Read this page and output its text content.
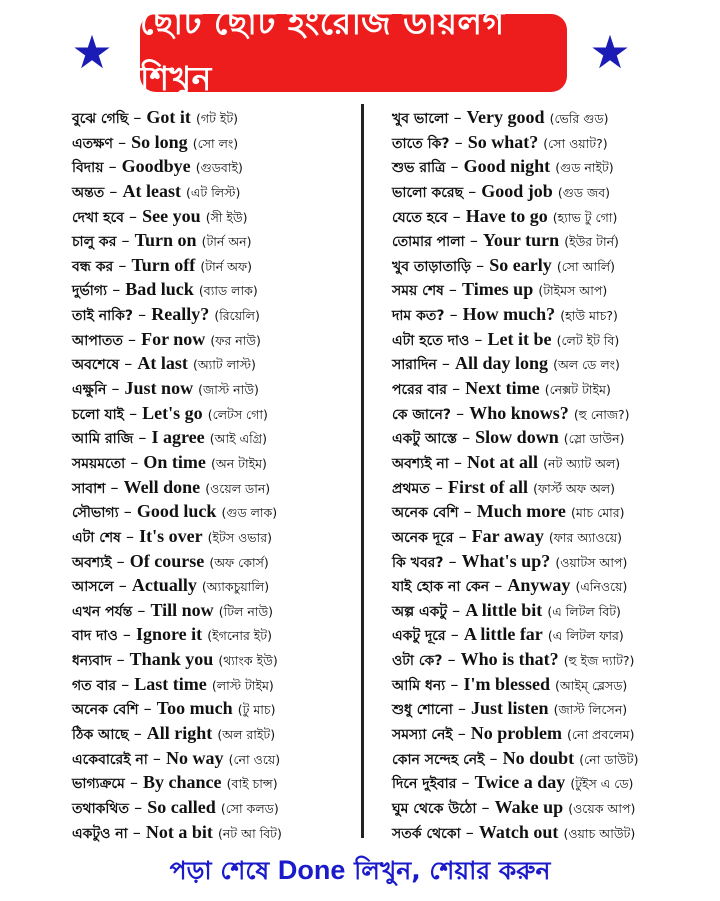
★
ছোট ছোট ইংরেজি ডায়লগ শিখুন	★
বুঝে গেছি – Got it (গট ইট)
এতক্ষণ – So long (সো লং)
বিদায় – Goodbye (গুডবাই)
অন্তত – At least (এট লিস্ট)
দেখা হবে – See you (সী ইউ)
চালু কর – Turn on (টার্ন অন)
বন্ধ কর – Turn off (টার্ন অফ)
দুর্ভাগ্য – Bad luck (ব্যাড লাক)
তাই নাকি? – Really? (রিয়েলি)
আপাতত – For now (ফর নাউ)
অবশেষে – At last (অ্যাট লাস্ট)
এক্ষুনি – Just now (জাস্ট নাউ)
চলো যাই – Let's go (লেটস গো)
আমি রাজি – I agree (আই এগ্রি)
সময়মতো – On time (অন টাইম)
সাবাশ – Well done (ওয়েল ডান)
সৌভাগ্য – Good luck (গুড লাক)
এটা শেষ – It's over (ইটস ওভার)
অবশ্যই – Of course (অফ কোর্স)
আসলে – Actually (অ্যাকচুয়ালি)
এখন পর্যন্ত – Till now (টিল নাউ)
বাদ দাও – Ignore it (ইগনোর ইট)
ধন্যবাদ – Thank you (থ্যাংক ইউ)
গত বার – Last time (লাস্ট টাইম)
অনেক বেশি – Too much (টু মাচ)
ঠিক আছে – All right (অল রাইট)
একেবারেই না – No way (নো ওয়ে)
ভাগ্যক্রমে – By chance (বাই চান্স)
তথাকথিত – So called (সো কলড)
একটুও না – Not a bit (নট আ বিট)
খুব ভালো – Very good (ভেরি গুড)
তাতে কি? – So what? (সো ওয়াট?)
শুভ রাত্রি – Good night (গুড নাইট)
ভালো করেছ – Good job (গুড জব)
যেতে হবে – Have to go (হ্যাভ টু গো)
তোমার পালা – Your turn (ইউর টার্ন)
খুব তাড়াতাড়ি – So early (সো আর্লি)
সময় শেষ – Times up (টাইমস আপ)
দাম কত? – How much? (হাউ মাচ?)
এটা হতে দাও – Let it be (লেট ইট বি)
সারাদিন – All day long (অল ডে লং)
পরের বার – Next time (নেক্সট টাইম)
কে জানে? – Who knows? (হু নোজ?)
একটু আস্তে – Slow down (স্লো ডাউন)
অবশ্যই না – Not at all (নট অ্যাট অল)
প্রথমত – First of all (ফার্স্ট অফ অল)
অনেক বেশি – Much more (মাচ মোর)
অনেক দূরে – Far away (ফার অ্যাওয়ে)
কি খবর? – What's up? (ওয়াটস আপ)
যাই হোক না কেন – Anyway (এনিওয়ে)
অল্প একটু – A little bit (এ লিটল বিট)
একটু দূরে – A little far (এ লিটল ফার)
ওটা কে? – Who is that? (হু ইজ দ্যাট?)
আমি ধন্য – I'm blessed (আইম্ ব্লেসড)
শুধু শোনো – Just listen (জাস্ট লিসেন)
সমস্যা নেই – No problem (নো প্রবলেম)
কোন সন্দেহ নেই – No doubt (নো ডাউট)
দিনে দুইবার – Twice a day (টুইস এ ডে)
ঘুম থেকে উঠো – Wake up (ওয়েক আপ)
সতর্ক থেকো – Watch out (ওয়াচ আউট)
পড়া শেষে Done লিখুন, শেয়ার করুন
